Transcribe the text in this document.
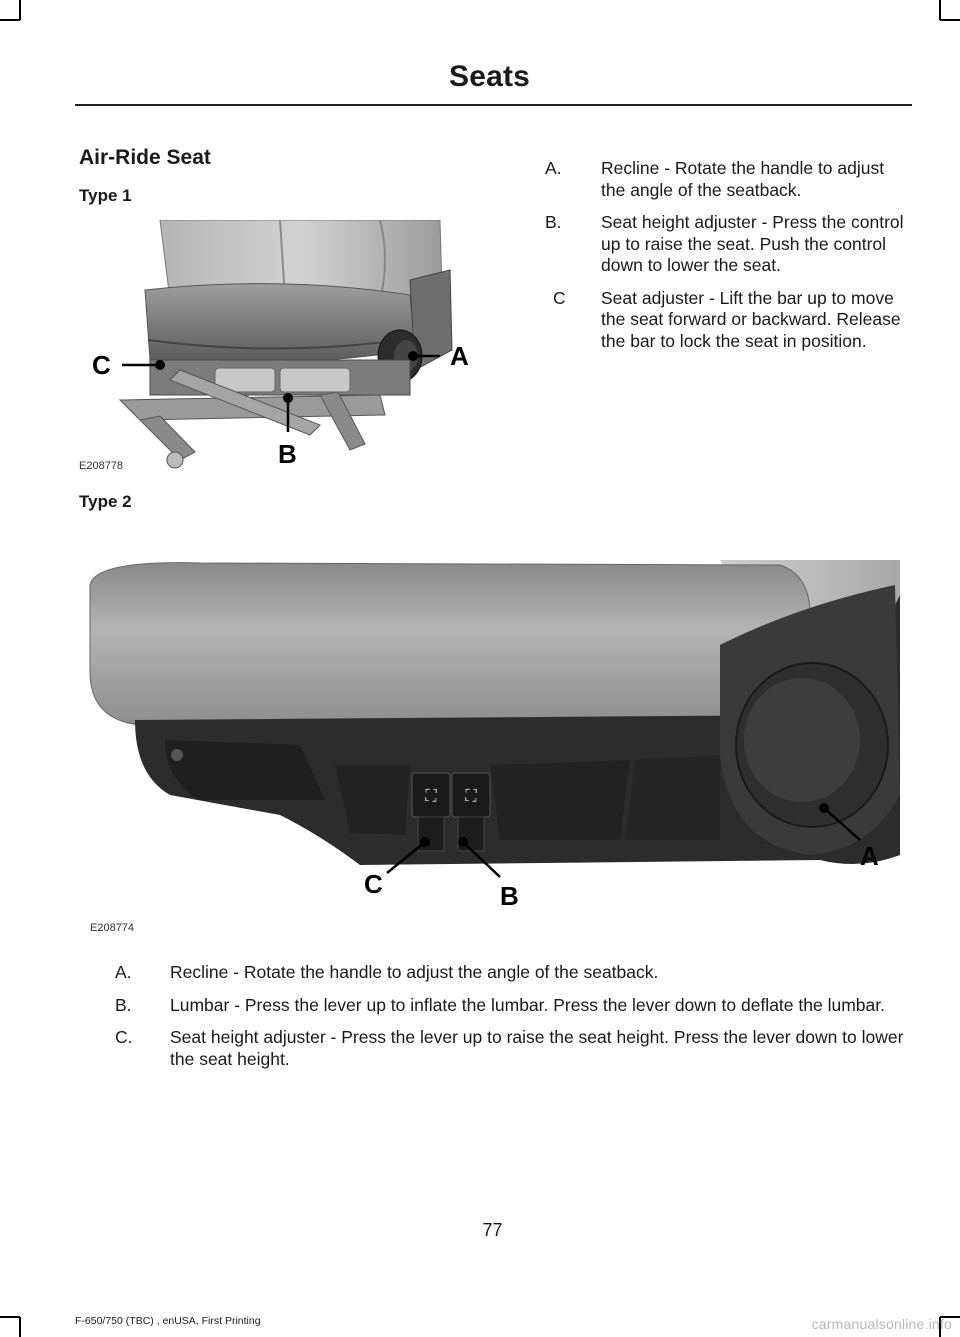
Seats
Air-Ride Seat
Type 1
C	A
B
E208778
A.	Recline - Rotate the handle to adjust the angle of the seatback.
B.	Seat height adjuster - Press the control up to raise the seat. Push the control down to lower the seat.
C	Seat adjuster - Lift the bar up to move the seat forward or backward. Release the bar to lock the seat in position.
Type 2
⛶ ⛶
C	B
A
E208774
A. Recline - Rotate the handle to adjust the angle of the seatback.
B. Lumbar - Press the lever up to inflate the lumbar. Press the lever down to deflate the lumbar.
C. Seat height adjuster - Press the lever up to raise the seat height. Press the lever down to lower the seat height.
77
F-650/750 (TBC) , enUSA, First Printing	carmanualsonline.info
